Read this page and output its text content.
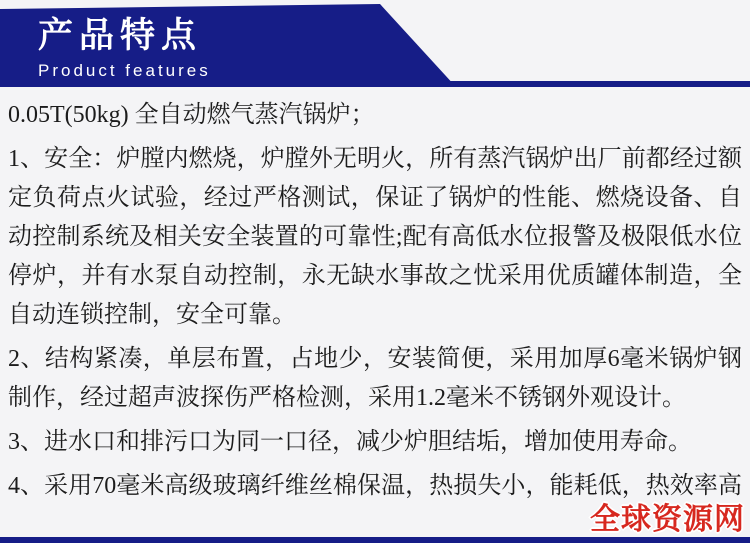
产品特点
Product features
0.05T(50kg) 全自动燃气蒸汽锅炉；
1、安全：炉膛内燃烧，炉膛外无明火，所有蒸汽锅炉出厂前都经过额
定负荷点火试验，经过严格测试，保证了锅炉的性能、燃烧设备、自
动控制系统及相关安全装置的可靠性;配有高低水位报警及极限低水位
停炉，并有水泵自动控制，永无缺水事故之忧采用优质罐体制造，全
自动连锁控制，安全可靠。
2、结构紧凑，单层布置，占地少，安装简便，采用加厚6毫米锅炉钢
制作，经过超声波探伤严格检测，采用1.2毫米不锈钢外观设计。
3、进水口和排污口为同一口径，减少炉胆结垢，增加使用寿命。
4、采用70毫米高级玻璃纤维丝棉保温，热损失小，能耗低，热效率高
全球资源网
